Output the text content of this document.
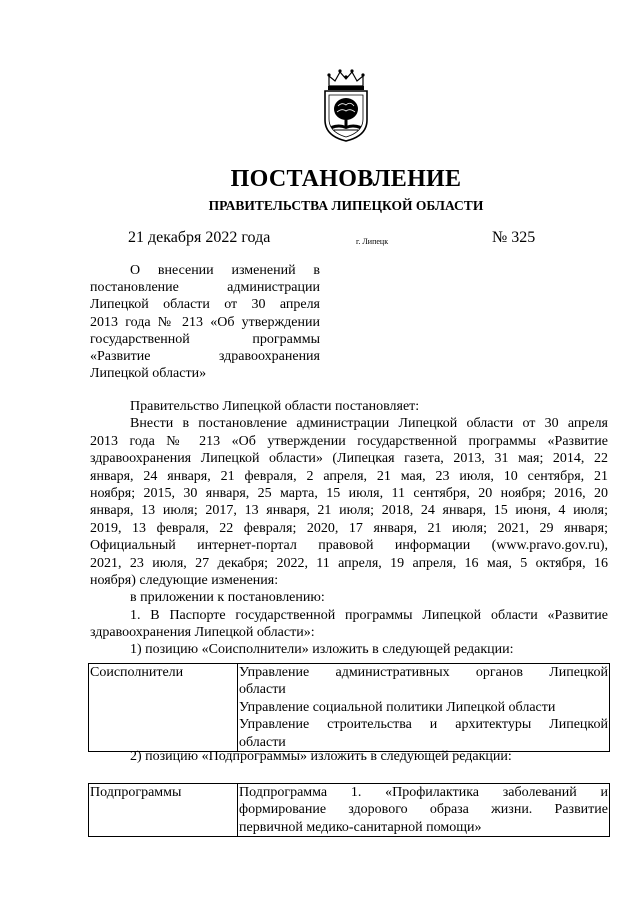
ПОСТАНОВЛЕНИЕ
ПРАВИТЕЛЬСТВА ЛИПЕЦКОЙ ОБЛАСТИ
21 декабря 2022 года	г. Липецк	№ 325
О внесении изменений в
постановление администрации
Липецкой области от 30 апреля
2013 года № 213 «Об утверждении
государственной программы
«Развитие здравоохранения
Липецкой области»
Правительство Липецкой области постановляет:
Внести в постановление администрации Липецкой области от 30 апреля
2013 года № 213 «Об утверждении государственной программы «Развитие
здравоохранения Липецкой области» (Липецкая газета, 2013, 31 мая; 2014, 22
января, 24 января, 21 февраля, 2 апреля, 21 мая, 23 июля, 10 сентября, 21
ноября; 2015, 30 января, 25 марта, 15 июля, 11 сентября, 20 ноября; 2016, 20
января, 13 июля; 2017, 13 января, 21 июля; 2018, 24 января, 15 июня, 4 июля;
2019, 13 февраля, 22 февраля; 2020, 17 января, 21 июля; 2021, 29 января;
Официальный интернет-портал правовой информации (www.pravo.gov.ru),
2021, 23 июля, 27 декабря; 2022, 11 апреля, 19 апреля, 16 мая, 5 октября, 16
ноября) следующие изменения:
в приложении к постановлению:
1. В Паспорте государственной программы Липецкой области «Развитие
здравоохранения Липецкой области»:
1) позицию «Соисполнители» изложить в следующей редакции:
Соисполнители	Управление административных органов Липецкой
области
Управление социальной политики Липецкой области
Управление строительства и архитектуры Липецкой
области
2) позицию «Подпрограммы» изложить в следующей редакции:
Подпрограммы	Подпрограмма 1. «Профилактика заболеваний и
формирование здорового образа жизни. Развитие
первичной медико-санитарной помощи»
